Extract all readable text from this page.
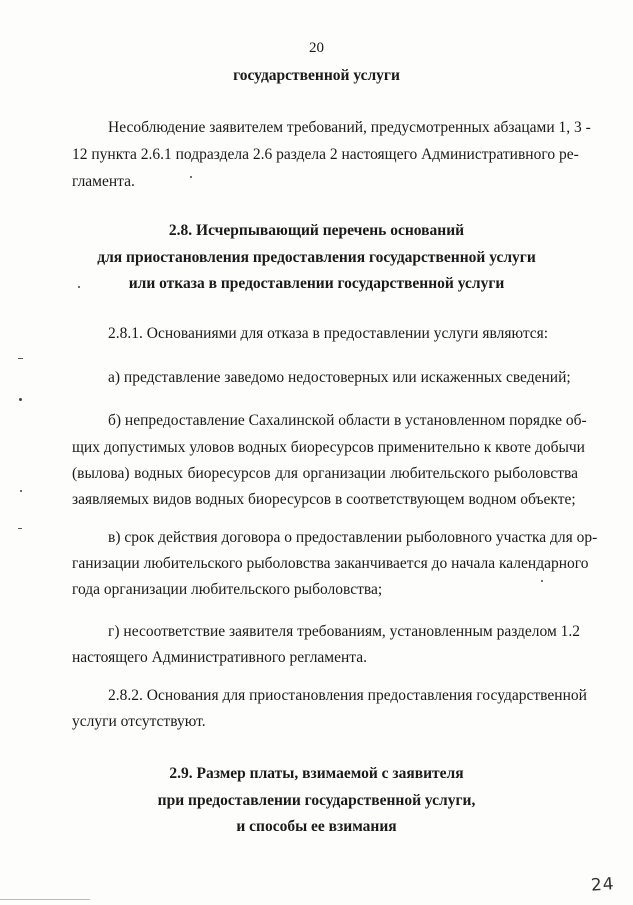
20
государственной услуги
Несоблюдение заявителем требований, предусмотренных абзацами 1, 3 -
12 пункта 2.6.1 подраздела 2.6 раздела 2 настоящего Административного ре-
гламента.
2.8. Исчерпывающий перечень оснований
для приостановления предоставления государственной услуги
или отказа в предоставлении государственной услуги
2.8.1. Основаниями для отказа в предоставлении услуги являются:
а) представление заведомо недостоверных или искаженных сведений;
б) непредоставление Сахалинской области в установленном порядке об-
щих допустимых уловов водных биоресурсов применительно к квоте добычи
(вылова) водных биоресурсов для организации любительского рыболовства
заявляемых видов водных биоресурсов в соответствующем водном объекте;
в) срок действия договора о предоставлении рыболовного участка для ор-
ганизации любительского рыболовства заканчивается до начала календарного
года организации любительского рыболовства;
г) несоответствие заявителя требованиям, установленным разделом 1.2
настоящего Административного регламента.
2.8.2. Основания для приостановления предоставления государственной
услуги отсутствуют.
2.9. Размер платы, взимаемой с заявителя
при предоставлении государственной услуги,
и способы ее взимания
24
